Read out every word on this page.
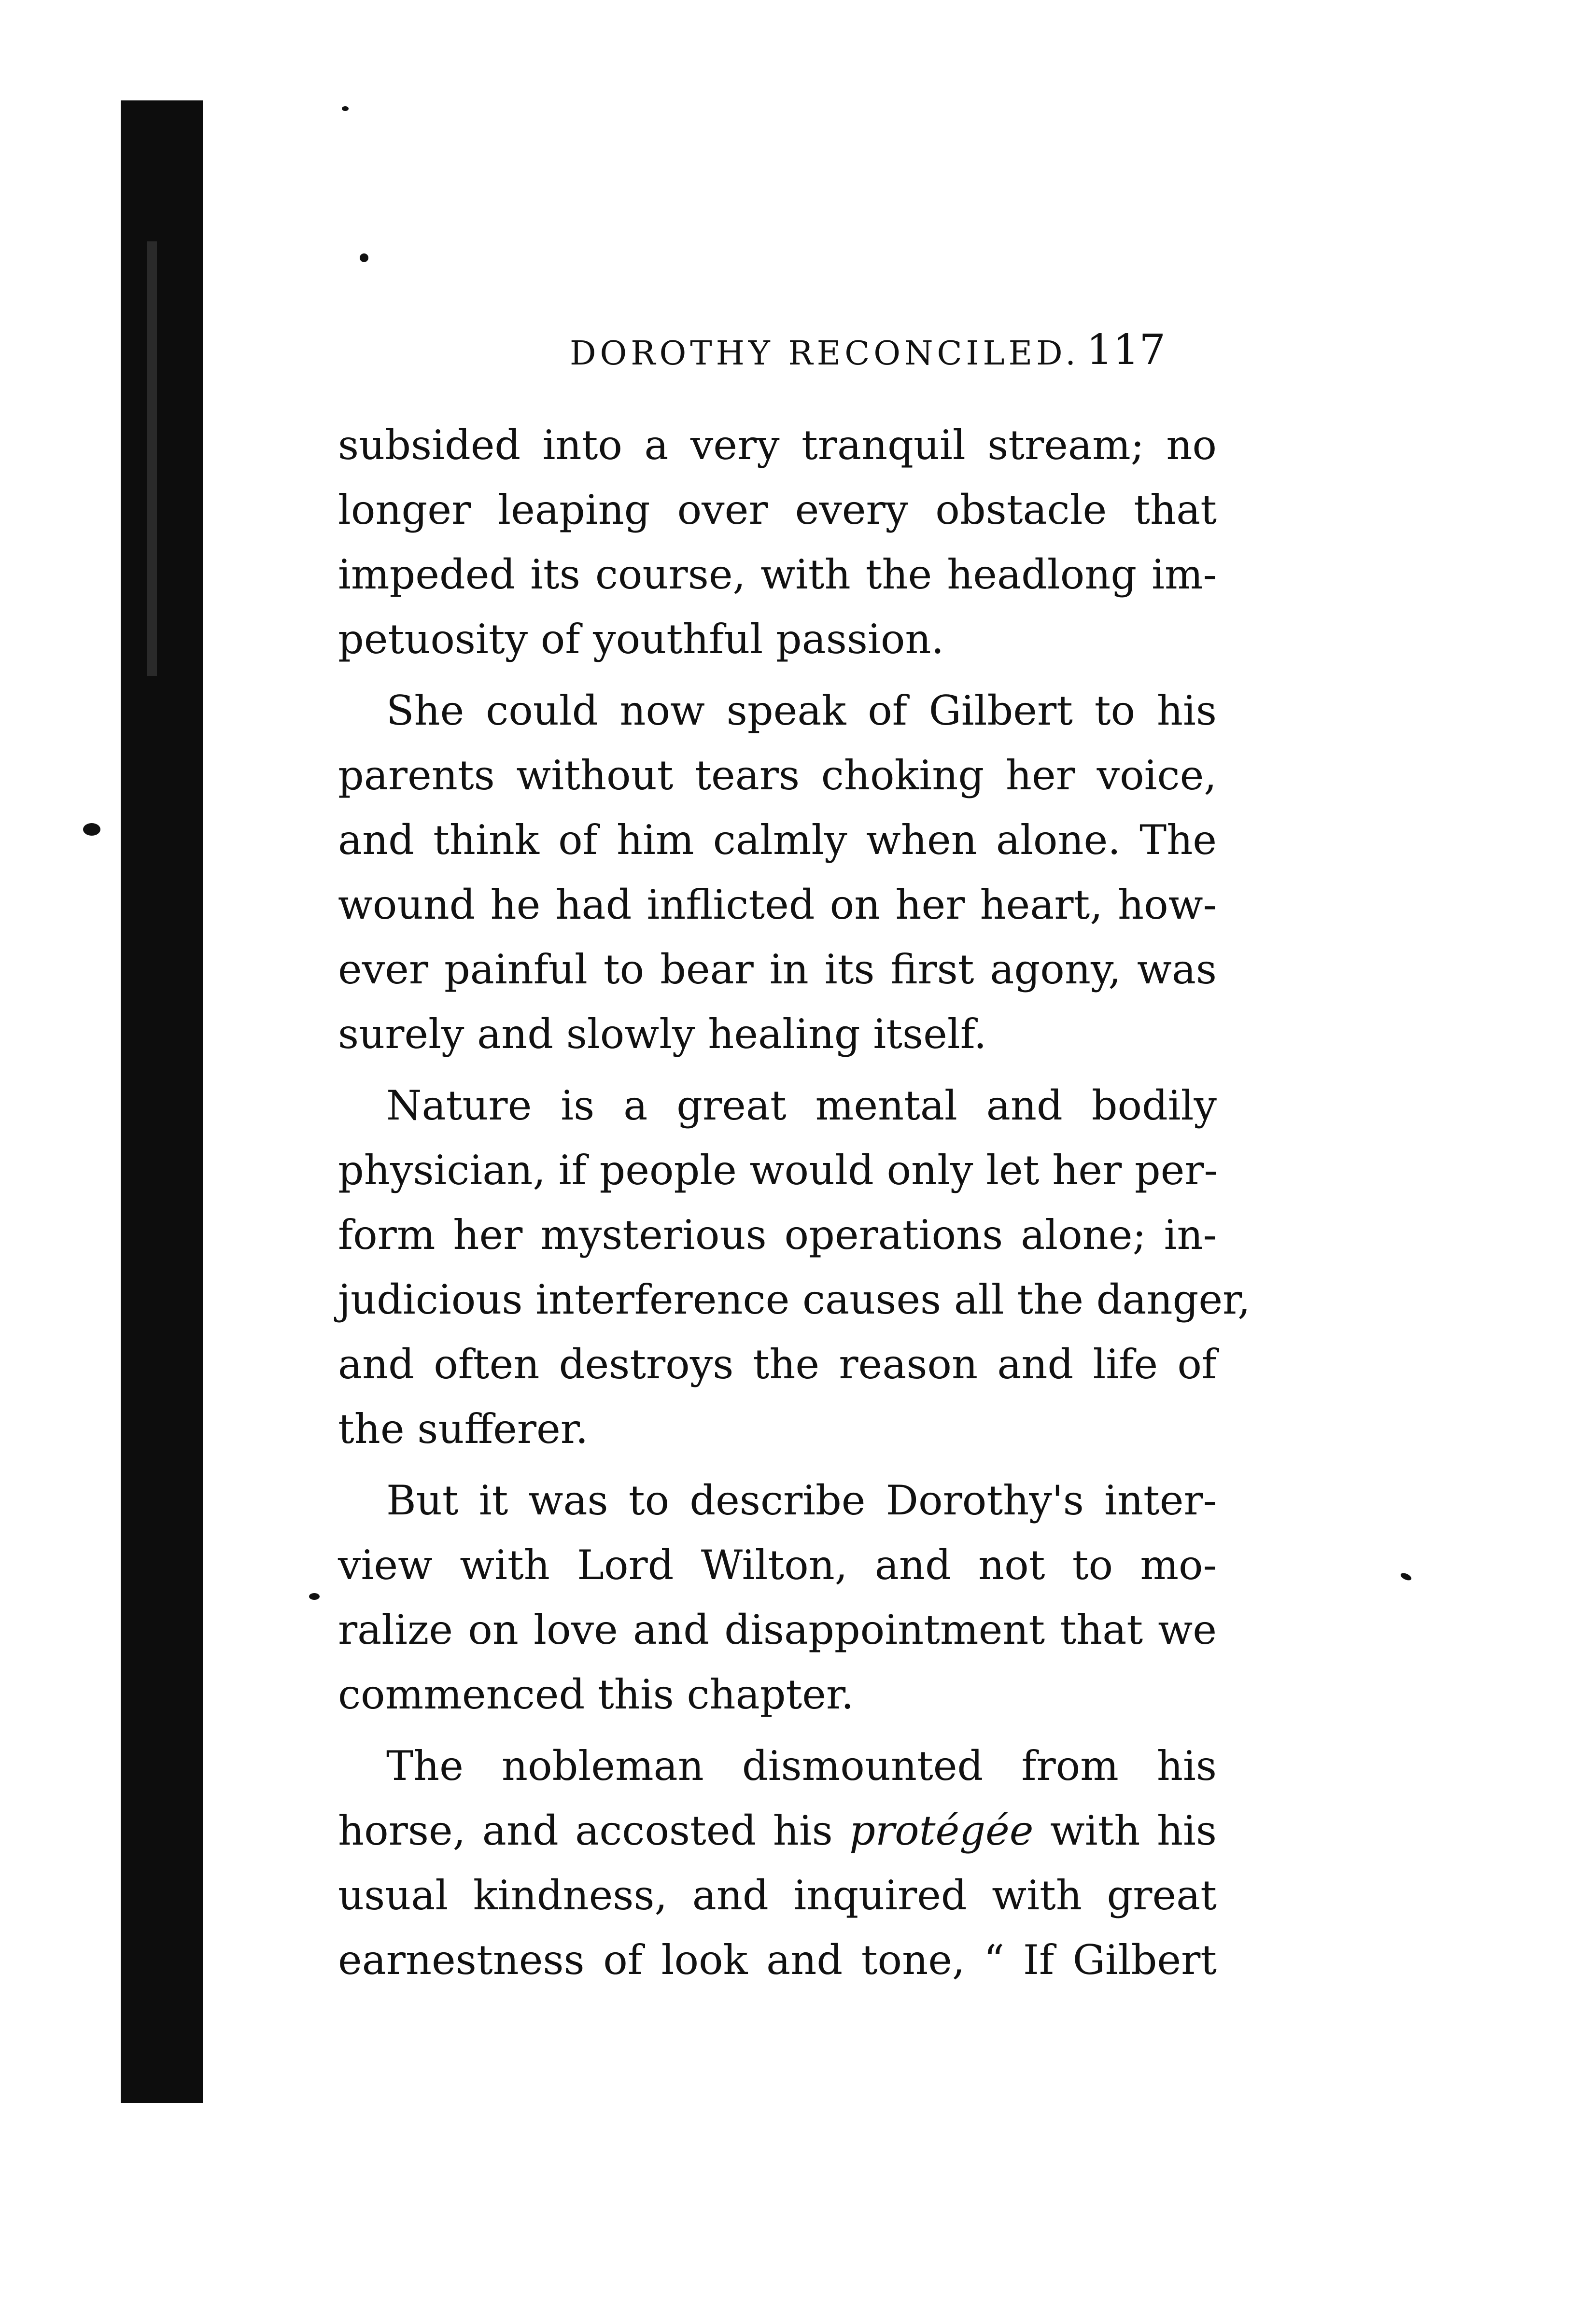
DOROTHY RECONCILED. 117
subsided into a very tranquil stream; no
longer leaping over every obstacle that
impeded its course, with the headlong im-
petuosity of youthful passion.
She could now speak of Gilbert to his
parents without tears choking her voice,
and think of him calmly when alone. The
wound he had inflicted on her heart, how-
ever painful to bear in its first agony, was
surely and slowly healing itself.
Nature is a great mental and bodily
physician, if people would only let her per-
form her mysterious operations alone; in-
judicious interference causes all the danger,
and often destroys the reason and life of
the sufferer.
But it was to describe Dorothy's inter-
view with Lord Wilton, and not to mo-
ralize on love and disappointment that we
commenced this chapter.
The nobleman dismounted from his
horse, and accosted his protégée with his
usual kindness, and inquired with great
earnestness of look and tone, “ If Gilbert
